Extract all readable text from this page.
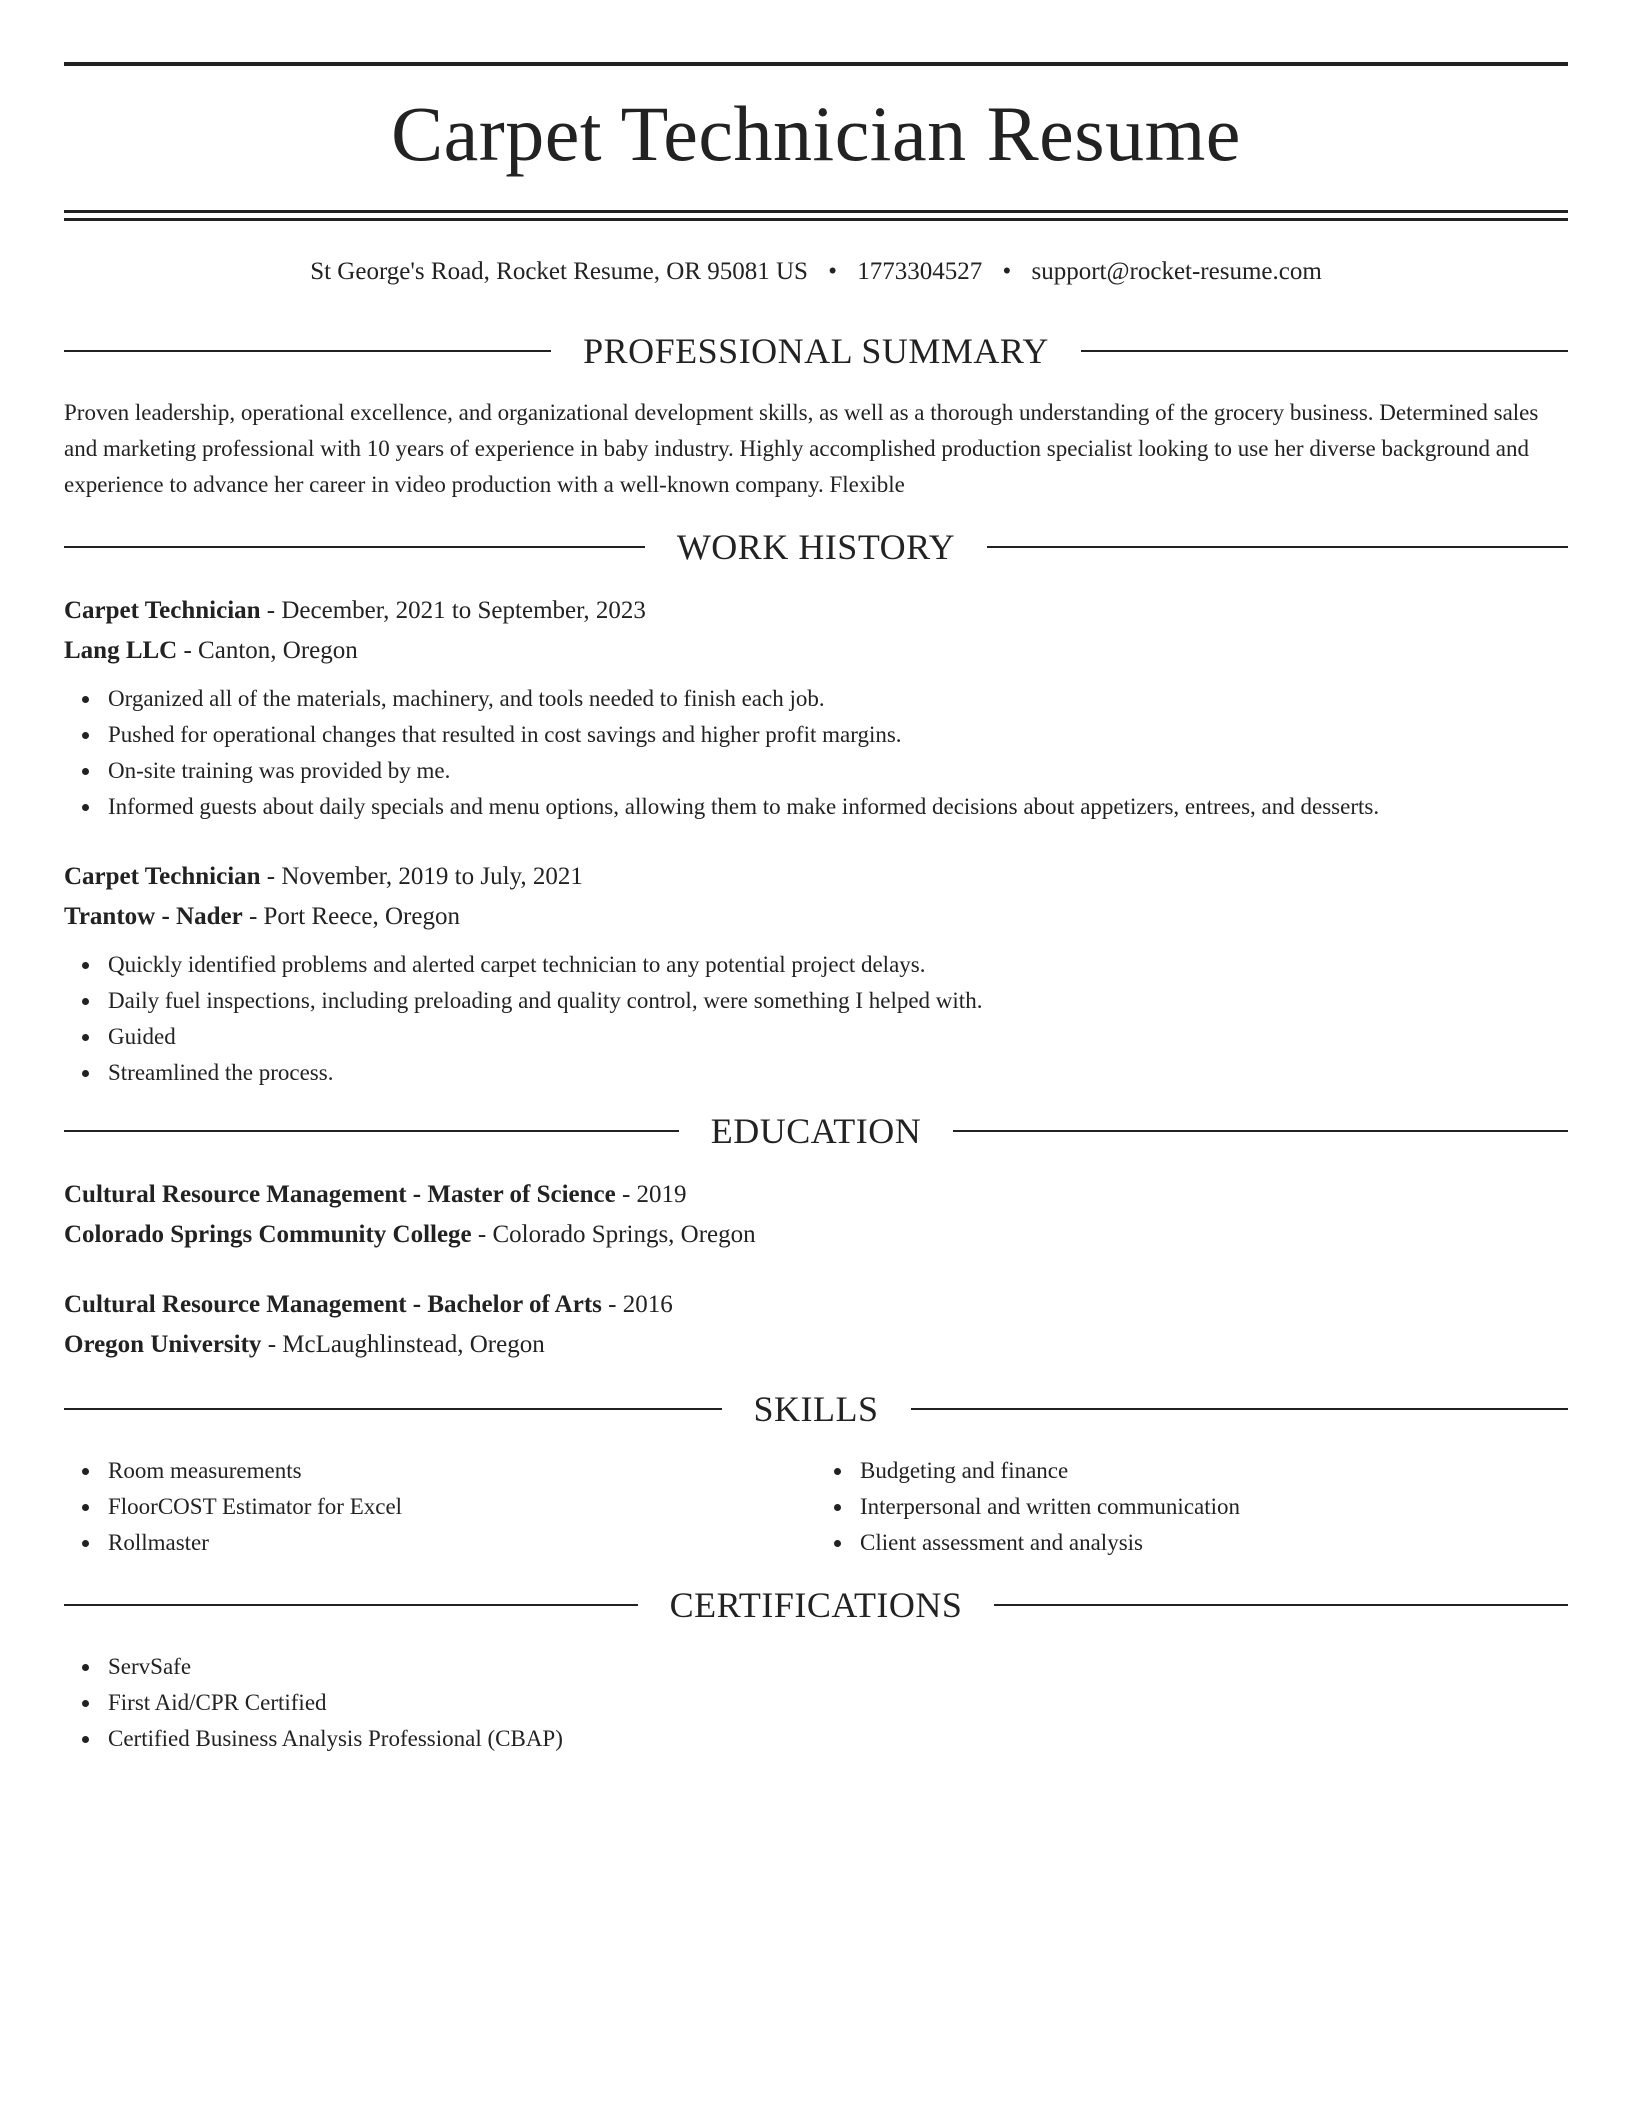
Carpet Technician Resume
St George's Road, Rocket Resume, OR 95081 US • 1773304527 • support@rocket-resume.com
PROFESSIONAL SUMMARY

Proven leadership, operational excellence, and organizational development skills, as well as a thorough understanding of the grocery business. Determined sales and marketing professional with 10 years of experience in baby industry. Highly accomplished production specialist looking to use her diverse background and experience to advance her career in video production with a well-known company. Flexible

WORK HISTORY

Carpet Technician - December, 2021 to September, 2023

Lang LLC - Canton, Oregon

Organized all of the materials, machinery, and tools needed to finish each job.
Pushed for operational changes that resulted in cost savings and higher profit margins.
On-site training was provided by me.
Informed guests about daily specials and menu options, allowing them to make informed decisions about appetizers, entrees, and desserts.

Carpet Technician - November, 2019 to July, 2021

Trantow - Nader - Port Reece, Oregon

Quickly identified problems and alerted carpet technician to any potential project delays.
Daily fuel inspections, including preloading and quality control, were something I helped with.
Guided
Streamlined the process.
EDUCATION

Cultural Resource Management - Master of Science - 2019

Colorado Springs Community College - Colorado Springs, Oregon

Cultural Resource Management - Bachelor of Arts - 2016

Oregon University - McLaughlinstead, Oregon

SKILLS
Room measurements
FloorCOST Estimator for Excel
Rollmaster
Budgeting and finance
Interpersonal and written communication
Client assessment and analysis
CERTIFICATIONS
ServSafe
First Aid/CPR Certified
Certified Business Analysis Professional (CBAP)
